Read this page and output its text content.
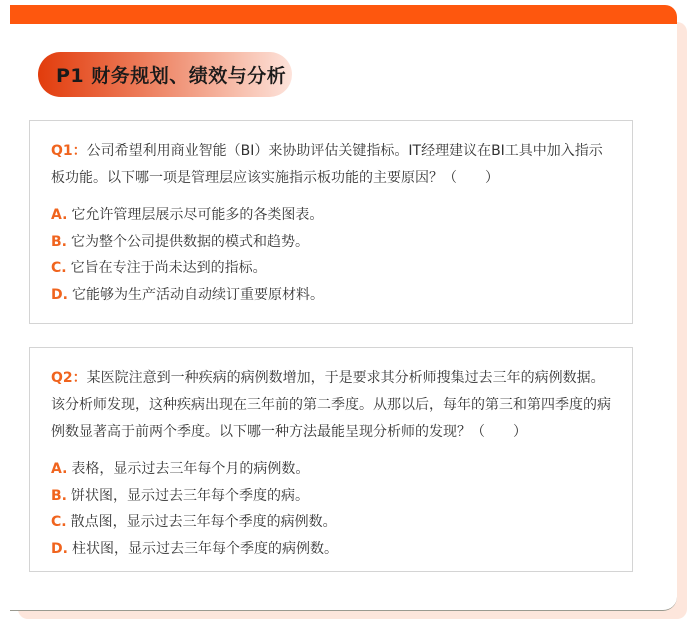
P1 财务规划、绩效与分析

Q1：公司希望利用商业智能（BI）来协助评估关键指标。IT经理建议在BI工具中加入指示板功能。以下哪一项是管理层应该实施指示板功能的主要原因？（　　）

A. 它允许管理层展示尽可能多的各类图表。
B. 它为整个公司提供数据的模式和趋势。
C. 它旨在专注于尚未达到的指标。
D. 它能够为生产活动自动续订重要原材料。

Q2：某医院注意到一种疾病的病例数增加，于是要求其分析师搜集过去三年的病例数据。该分析师发现，这种疾病出现在三年前的第二季度。从那以后，每年的第三和第四季度的病例数显著高于前两个季度。以下哪一种方法最能呈现分析师的发现？（　　）

A. 表格，显示过去三年每个月的病例数。
B. 饼状图，显示过去三年每个季度的病。
C. 散点图，显示过去三年每个季度的病例数。
D. 柱状图，显示过去三年每个季度的病例数。
